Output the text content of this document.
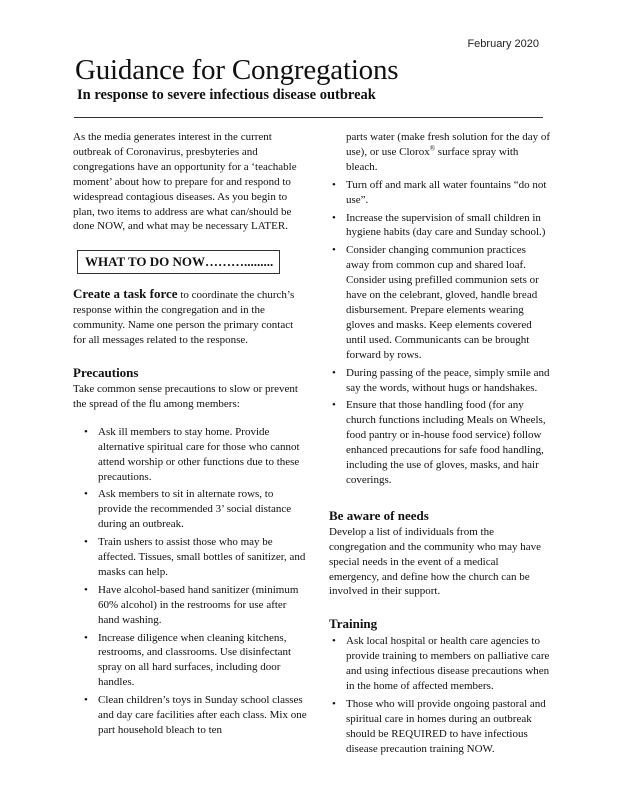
February 2020
Guidance for Congregations
In response to severe infectious disease outbreak

As the media generates interest in the current outbreak of Coronavirus, presbyteries and congregations have an opportunity for a ‘teachable moment’ about how to prepare for and respond to widespread contagious diseases. As you begin to plan, two items to address are what can/should be done NOW, and what may be necessary LATER.

WHAT TO DO NOW……….........

Create a task force to coordinate the church’s response within the congregation and in the community. Name one person the primary contact for all messages related to the response.

Precautions

Take common sense precautions to slow or prevent the spread of the flu among members:

• Ask ill members to stay home. Provide alternative spiritual care for those who cannot attend worship or other functions due to these precautions.
• Ask members to sit in alternate rows, to provide the recommended 3’ social distance during an outbreak.
• Train ushers to assist those who may be affected. Tissues, small bottles of sanitizer, and masks can help.
• Have alcohol-based hand sanitizer (minimum 60% alcohol) in the restrooms for use after hand washing.
• Increase diligence when cleaning kitchens, restrooms, and classrooms. Use disinfectant spray on all hard surfaces, including door handles.
• Clean children’s toys in Sunday school classes and day care facilities after each class. Mix one part household bleach to ten

parts water (make fresh solution for the day of use), or use Clorox® surface spray with bleach.

• Turn off and mark all water fountains “do not use”.
• Increase the supervision of small children in hygiene habits (day care and Sunday school.)
• Consider changing communion practices away from common cup and shared loaf. Consider using prefilled communion sets or have on the celebrant, gloved, handle bread disbursement. Prepare elements wearing gloves and masks. Keep elements covered until used. Communicants can be brought forward by rows.
• During passing of the peace, simply smile and say the words, without hugs or handshakes.
• Ensure that those handling food (for any church functions including Meals on Wheels, food pantry or in-house food service) follow enhanced precautions for safe food handling, including the use of gloves, masks, and hair coverings.
Be aware of needs

Develop a list of individuals from the congregation and the community who may have special needs in the event of a medical emergency, and define how the church can be involved in their support.

Training
• Ask local hospital or health care agencies to provide training to members on palliative care and using infectious disease precautions when in the home of affected members.
• Those who will provide ongoing pastoral and spiritual care in homes during an outbreak should be REQUIRED to have infectious disease precaution training NOW.
